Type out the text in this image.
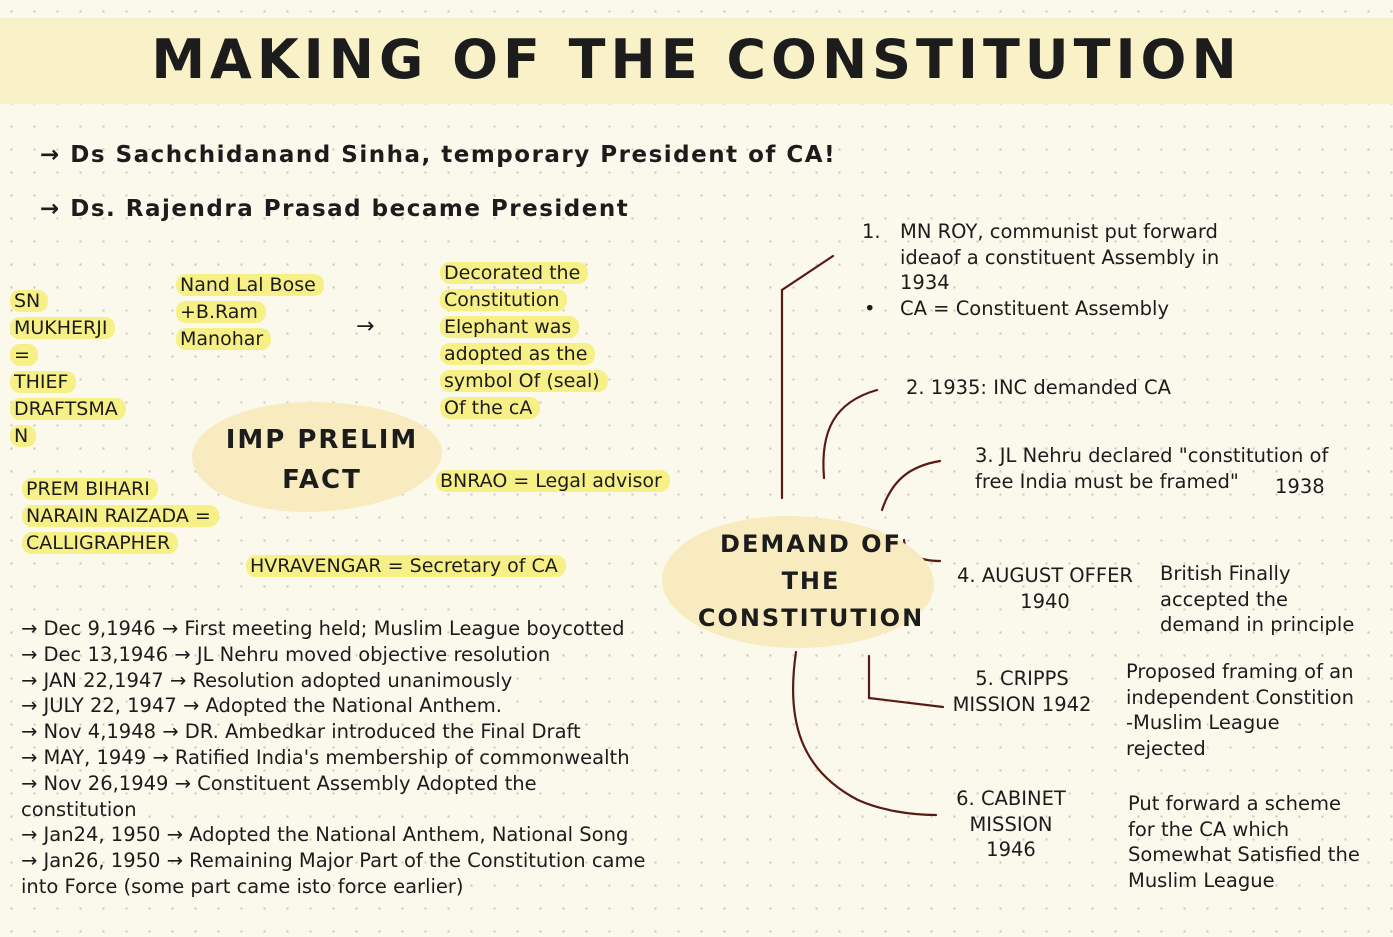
MAKING OF THE CONSTITUTION
→ Ds Sachchidanand Sinha, temporary President of CA!
→ Ds. Rajendra Prasad became President
IMP PRELIM
FACT
SN
MUKHERJI
=
THIEF
DRAFTSMA
N
Nand Lal Bose
+B.Ram
Manohar	→
Decorated the
Constitution
Elephant was
adopted as the
symbol Of (seal)
Of the cA
BNRAO = Legal advisor
PREM BIHARI
NARAIN RAIZADA =
CALLIGRAPHER
HVRAVENGAR = Secretary of CA
→ Dec 9,1946 → First meeting held; Muslim League boycotted
→ Dec 13,1946 → JL Nehru moved objective resolution
→ JAN 22,1947 → Resolution adopted unanimously
→ JULY 22, 1947 → Adopted the National Anthem.
→ Nov 4,1948 → DR. Ambedkar introduced the Final Draft
→ MAY, 1949 → Ratified India's membership of commonwealth
→ Nov 26,1949 → Constituent Assembly Adopted the
constitution
→ Jan24, 1950 → Adopted the National Anthem, National Song
→ Jan26, 1950 → Remaining Major Part of the Constitution came
into Force (some part came isto force earlier)
DEMAND OF
THE
CONSTITUTION
1. MN ROY, communist put forward
ideaof a constituent Assembly in
1934
• CA = Constituent Assembly
2. 1935: INC demanded CA
3. JL Nehru declared "constitution of
free India must be framed"	1938
4. AUGUST OFFER
1940
British Finally
accepted the
demand in principle
5. CRIPPS
MISSION 1942
Proposed framing of an
independent Constition
-Muslim League
rejected
6. CABINET
MISSION
1946
Put forward a scheme
for the CA which
Somewhat Satisfied the
Muslim League
